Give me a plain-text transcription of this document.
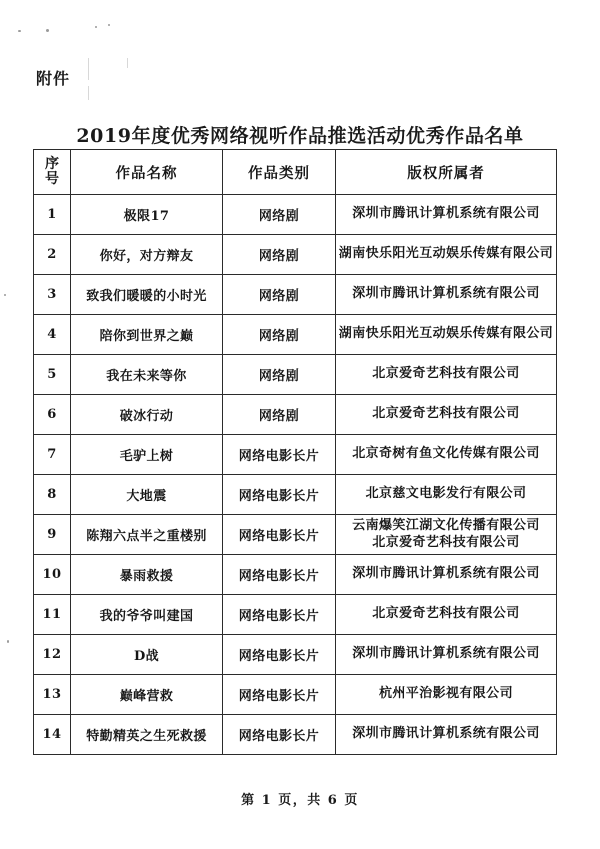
附件
2019年度优秀网络视听作品推选活动优秀作品名单
序
号	作品名称	作品类别	版权所属者
1	极限17	网络剧	深圳市腾讯计算机系统有限公司

2	你好，对方辩友	网络剧	湖南快乐阳光互动娱乐传媒有限公司

3	致我们暖暖的小时光	网络剧	深圳市腾讯计算机系统有限公司

4	陪你到世界之巅	网络剧	湖南快乐阳光互动娱乐传媒有限公司

5	我在未来等你	网络剧	北京爱奇艺科技有限公司

6	破冰行动	网络剧	北京爱奇艺科技有限公司

7	毛驴上树	网络电影长片	北京奇树有鱼文化传媒有限公司

8	大地震	网络电影长片	北京慈文电影发行有限公司

9	陈翔六点半之重楼别	网络电影长片	云南爆笑江湖文化传播有限公司
北京爱奇艺科技有限公司

10	暴雨救援	网络电影长片	深圳市腾讯计算机系统有限公司

11	我的爷爷叫建国	网络电影长片	北京爱奇艺科技有限公司

12	D战	网络电影长片	深圳市腾讯计算机系统有限公司

13	巅峰营救	网络电影长片	杭州平治影视有限公司

14	特勤精英之生死救援	网络电影长片	深圳市腾讯计算机系统有限公司
第 1 页，共 6 页
